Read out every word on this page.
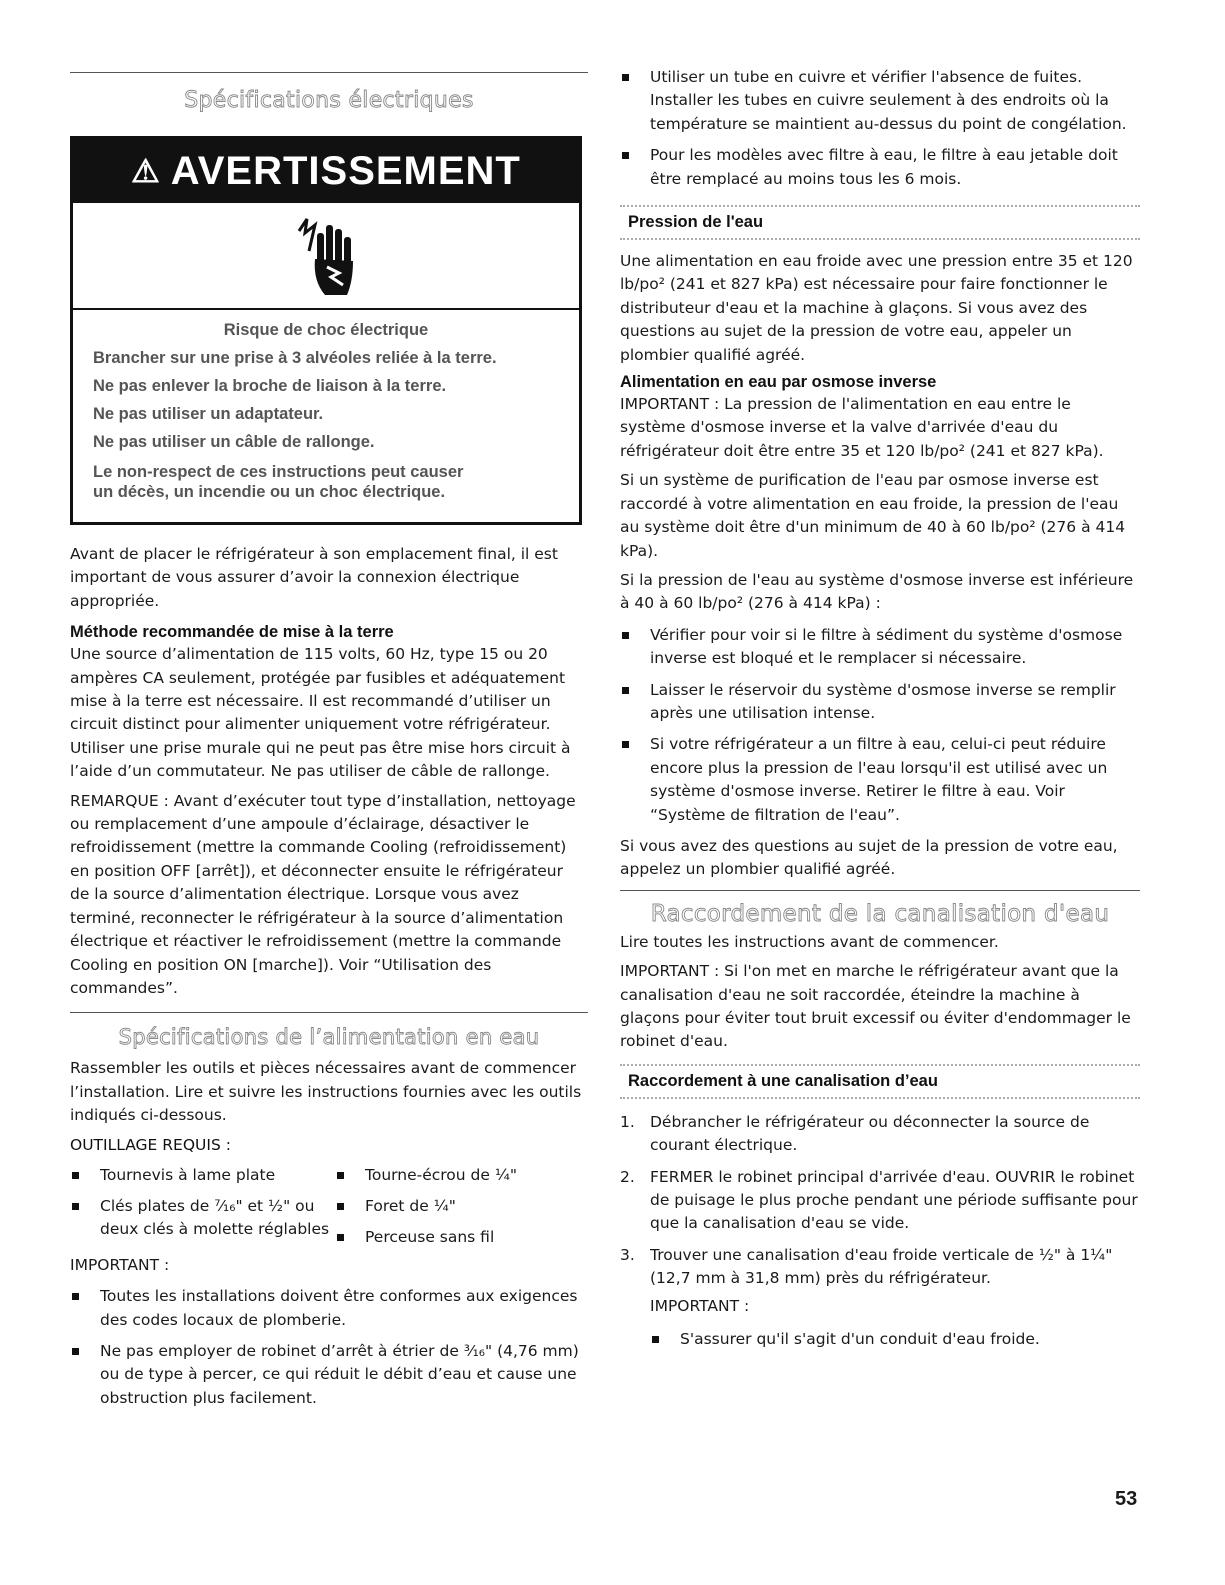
Spécifications électriques
⚠ AVERTISSEMENT
Risque de choc électrique
Brancher sur une prise à 3 alvéoles reliée à la terre.
Ne pas enlever la broche de liaison à la terre.
Ne pas utiliser un adaptateur.
Ne pas utiliser un câble de rallonge.
Le non-respect de ces instructions peut causer
un décès, un incendie ou un choc électrique.

Avant de placer le réfrigérateur à son emplacement final, il est important de vous assurer d’avoir la connexion électrique appropriée.

Méthode recommandée de mise à la terre

Une source d’alimentation de 115 volts, 60 Hz, type 15 ou 20 ampères CA seulement, protégée par fusibles et adéquatement mise à la terre est nécessaire. Il est recommandé d’utiliser un circuit distinct pour alimenter uniquement votre réfrigérateur. Utiliser une prise murale qui ne peut pas être mise hors circuit à l’aide d’un commutateur. Ne pas utiliser de câble de rallonge.

REMARQUE : Avant d’exécuter tout type d’installation, nettoyage ou remplacement d’une ampoule d’éclairage, désactiver le refroidissement (mettre la commande Cooling (refroidissement) en position OFF [arrêt]), et déconnecter ensuite le réfrigérateur de la source d’alimentation électrique. Lorsque vous avez terminé, reconnecter le réfrigérateur à la source d’alimentation électrique et réactiver le refroidissement (mettre la commande Cooling en position ON [marche]). Voir “Utilisation des commandes”.

Spécifications de l’alimentation en eau

Rassembler les outils et pièces nécessaires avant de commencer l’installation. Lire et suivre les instructions fournies avec les outils indiqués ci-dessous.

OUTILLAGE REQUIS :
Tournevis à lame plate
Clés plates de ⁷⁄₁₆" et ½" ou deux clés à molette réglables
Tourne-écrou de ¼"
Foret de ¼"
Perceuse sans fil

IMPORTANT :

Toutes les installations doivent être conformes aux exigences des codes locaux de plomberie.
Ne pas employer de robinet d’arrêt à étrier de ³⁄₁₆" (4,76 mm) ou de type à percer, ce qui réduit le débit d’eau et cause une obstruction plus facilement.
Utiliser un tube en cuivre et vérifier l'absence de fuites. Installer les tubes en cuivre seulement à des endroits où la température se maintient au-dessus du point de congélation.
Pour les modèles avec filtre à eau, le filtre à eau jetable doit être remplacé au moins tous les 6 mois.
Pression de l'eau

Une alimentation en eau froide avec une pression entre 35 et 120 lb/po² (241 et 827 kPa) est nécessaire pour faire fonctionner le distributeur d'eau et la machine à glaçons. Si vous avez des questions au sujet de la pression de votre eau, appeler un plombier qualifié agréé.

Alimentation en eau par osmose inverse

IMPORTANT : La pression de l'alimentation en eau entre le système d'osmose inverse et la valve d'arrivée d'eau du réfrigérateur doit être entre 35 et 120 lb/po² (241 et 827 kPa).

Si un système de purification de l'eau par osmose inverse est raccordé à votre alimentation en eau froide, la pression de l'eau au système doit être d'un minimum de 40 à 60 lb/po² (276 à 414 kPa).

Si la pression de l'eau au système d'osmose inverse est inférieure à 40 à 60 lb/po² (276 à 414 kPa) :

Vérifier pour voir si le filtre à sédiment du système d'osmose inverse est bloqué et le remplacer si nécessaire.
Laisser le réservoir du système d'osmose inverse se remplir après une utilisation intense.
Si votre réfrigérateur a un filtre à eau, celui-ci peut réduire encore plus la pression de l'eau lorsqu'il est utilisé avec un système d'osmose inverse. Retirer le filtre à eau. Voir “Système de filtration de l'eau”.

Si vous avez des questions au sujet de la pression de votre eau, appelez un plombier qualifié agréé.

Raccordement de la canalisation d'eau

Lire toutes les instructions avant de commencer.

IMPORTANT : Si l'on met en marche le réfrigérateur avant que la canalisation d'eau ne soit raccordée, éteindre la machine à glaçons pour éviter tout bruit excessif ou éviter d'endommager le robinet d'eau.

Raccordement à une canalisation d’eau
1. Débrancher le réfrigérateur ou déconnecter la source de courant électrique.
2. FERMER le robinet principal d'arrivée d'eau. OUVRIR le robinet de puisage le plus proche pendant une période suffisante pour que la canalisation d'eau se vide.
3. Trouver une canalisation d'eau froide verticale de ½" à 1¼" (12,7 mm à 31,8 mm) près du réfrigérateur.

IMPORTANT :

S'assurer qu'il s'agit d'un conduit d'eau froide.
53
